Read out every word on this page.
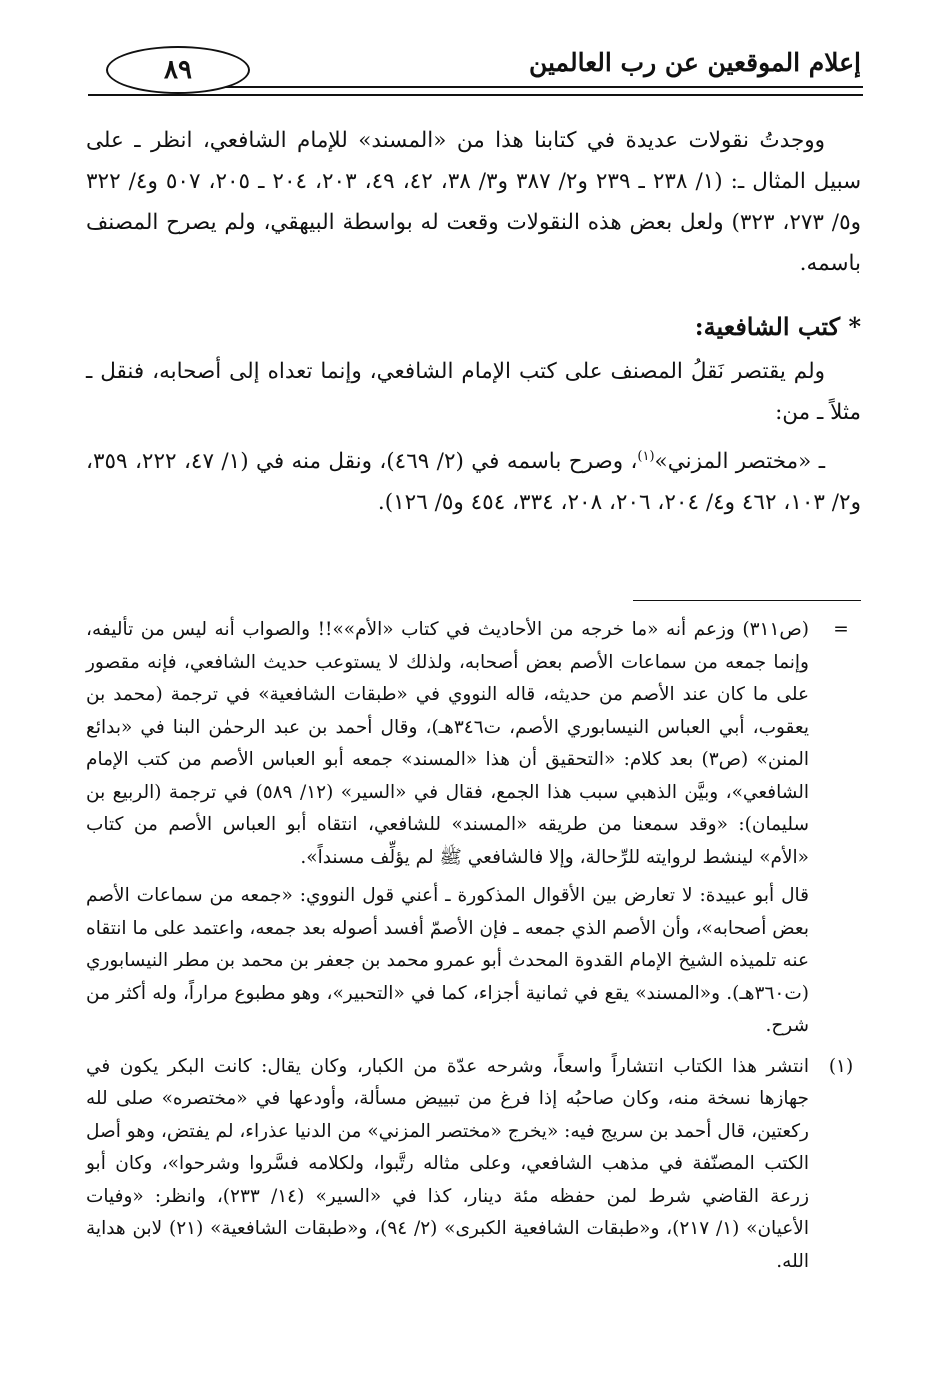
إعلام الموقعين عن رب العالمين
٨٩

ووجدتُ نقولات عديدة في كتابنا هذا من «المسند» للإمام الشافعي، انظر ـ على سبيل المثال ـ: (١/ ٢٣٨ ـ ٢٣٩ و٢/ ٣٨٧ و٣/ ٣٨، ٤٢، ٤٩، ٢٠٣، ٢٠٤ ـ ٢٠٥، ٥٠٧ و٤/ ٣٢٢ و٥/ ٢٧٣، ٣٢٣) ولعل بعض هذه النقولات وقعت له بواسطة البيهقي، ولم يصرح المصنف باسمه.

* كتب الشافعية:

ولم يقتصر نَقلُ المصنف على كتب الإمام الشافعي، وإنما تعداه إلى أصحابه، فنقل ـ مثلاً ـ من:

ـ «مختصر المزني»$^{(١)}$، وصرح باسمه في (٢/ ٤٦٩)، ونقل منه في (١/ ٤٧، ٢٢٢، ٣٥٩، و٢/ ١٠٣، ٤٦٢ و٤/ ٢٠٤، ٢٠٦، ٢٠٨، ٣٣٤، ٤٥٤ و٥/ ١٢٦).

=

(ص٣١١) وزعم أنه «ما خرجه من الأحاديث في كتاب «الأم»»!! والصواب أنه ليس من تأليفه، وإنما جمعه من سماعات الأصم بعض أصحابه، ولذلك لا يستوعب حديث الشافعي، فإنه مقصور على ما كان عند الأصم من حديثه، قاله النووي في «طبقات الشافعية» في ترجمة (محمد بن يعقوب، أبي العباس النيسابوري الأصم، ت٣٤٦هـ)، وقال أحمد بن عبد الرحمٰن البنا في «بدائع المنن» (ص٣) بعد كلام: «التحقيق أن هذا «المسند» جمعه أبو العباس الأصم من كتب الإمام الشافعي»، وبيَّن الذهبي سبب هذا الجمع، فقال في «السير» (١٢/ ٥٨٩) في ترجمة (الربيع بن سليمان): «وقد سمعنا من طريقه «المسند» للشافعي، انتقاه أبو العباس الأصم من كتاب «الأم» لينشط لروايته للرِّحالة، وإلا فالشافعي ﷺ لم يؤلِّف مسنداً».

قال أبو عبيدة: لا تعارض بين الأقوال المذكورة ـ أعني قول النووي: «جمعه من سماعات الأصم بعض أصحابه»، وأن الأصم الذي جمعه ـ فإن الأصمّ أفسد أصوله بعد جمعه، واعتمد على ما انتقاه عنه تلميذه الشيخ الإمام القدوة المحدث أبو عمرو محمد بن جعفر بن محمد بن مطر النيسابوري (ت٣٦٠هـ). و«المسند» يقع في ثمانية أجزاء، كما في «التحبير»، وهو مطبوع مراراً، وله أكثر من شرح.

(١)

انتشر هذا الكتاب انتشاراً واسعاً، وشرحه عدّة من الكبار، وكان يقال: كانت البكر يكون في جهازها نسخة منه، وكان صاحبُه إذا فرغ من تبييض مسألة، وأودعها في «مختصره» صلى لله ركعتين، قال أحمد بن سريج فيه: «يخرج «مختصر المزني» من الدنيا عذراء، لم يفتض، وهو أصل الكتب المصنّفة في مذهب الشافعي، وعلى مثاله رتَّبوا، ولكلامه فسَّروا وشرحوا»، وكان أبو زرعة القاضي شرط لمن حفظه مئة دينار، كذا في «السير» (١٤/ ٢٣٣)، وانظر: «وفيات الأعيان» (١/ ٢١٧)، و«طبقات الشافعية الكبرى» (٢/ ٩٤)، و«طبقات الشافعية» (٢١) لابن هداية الله.
